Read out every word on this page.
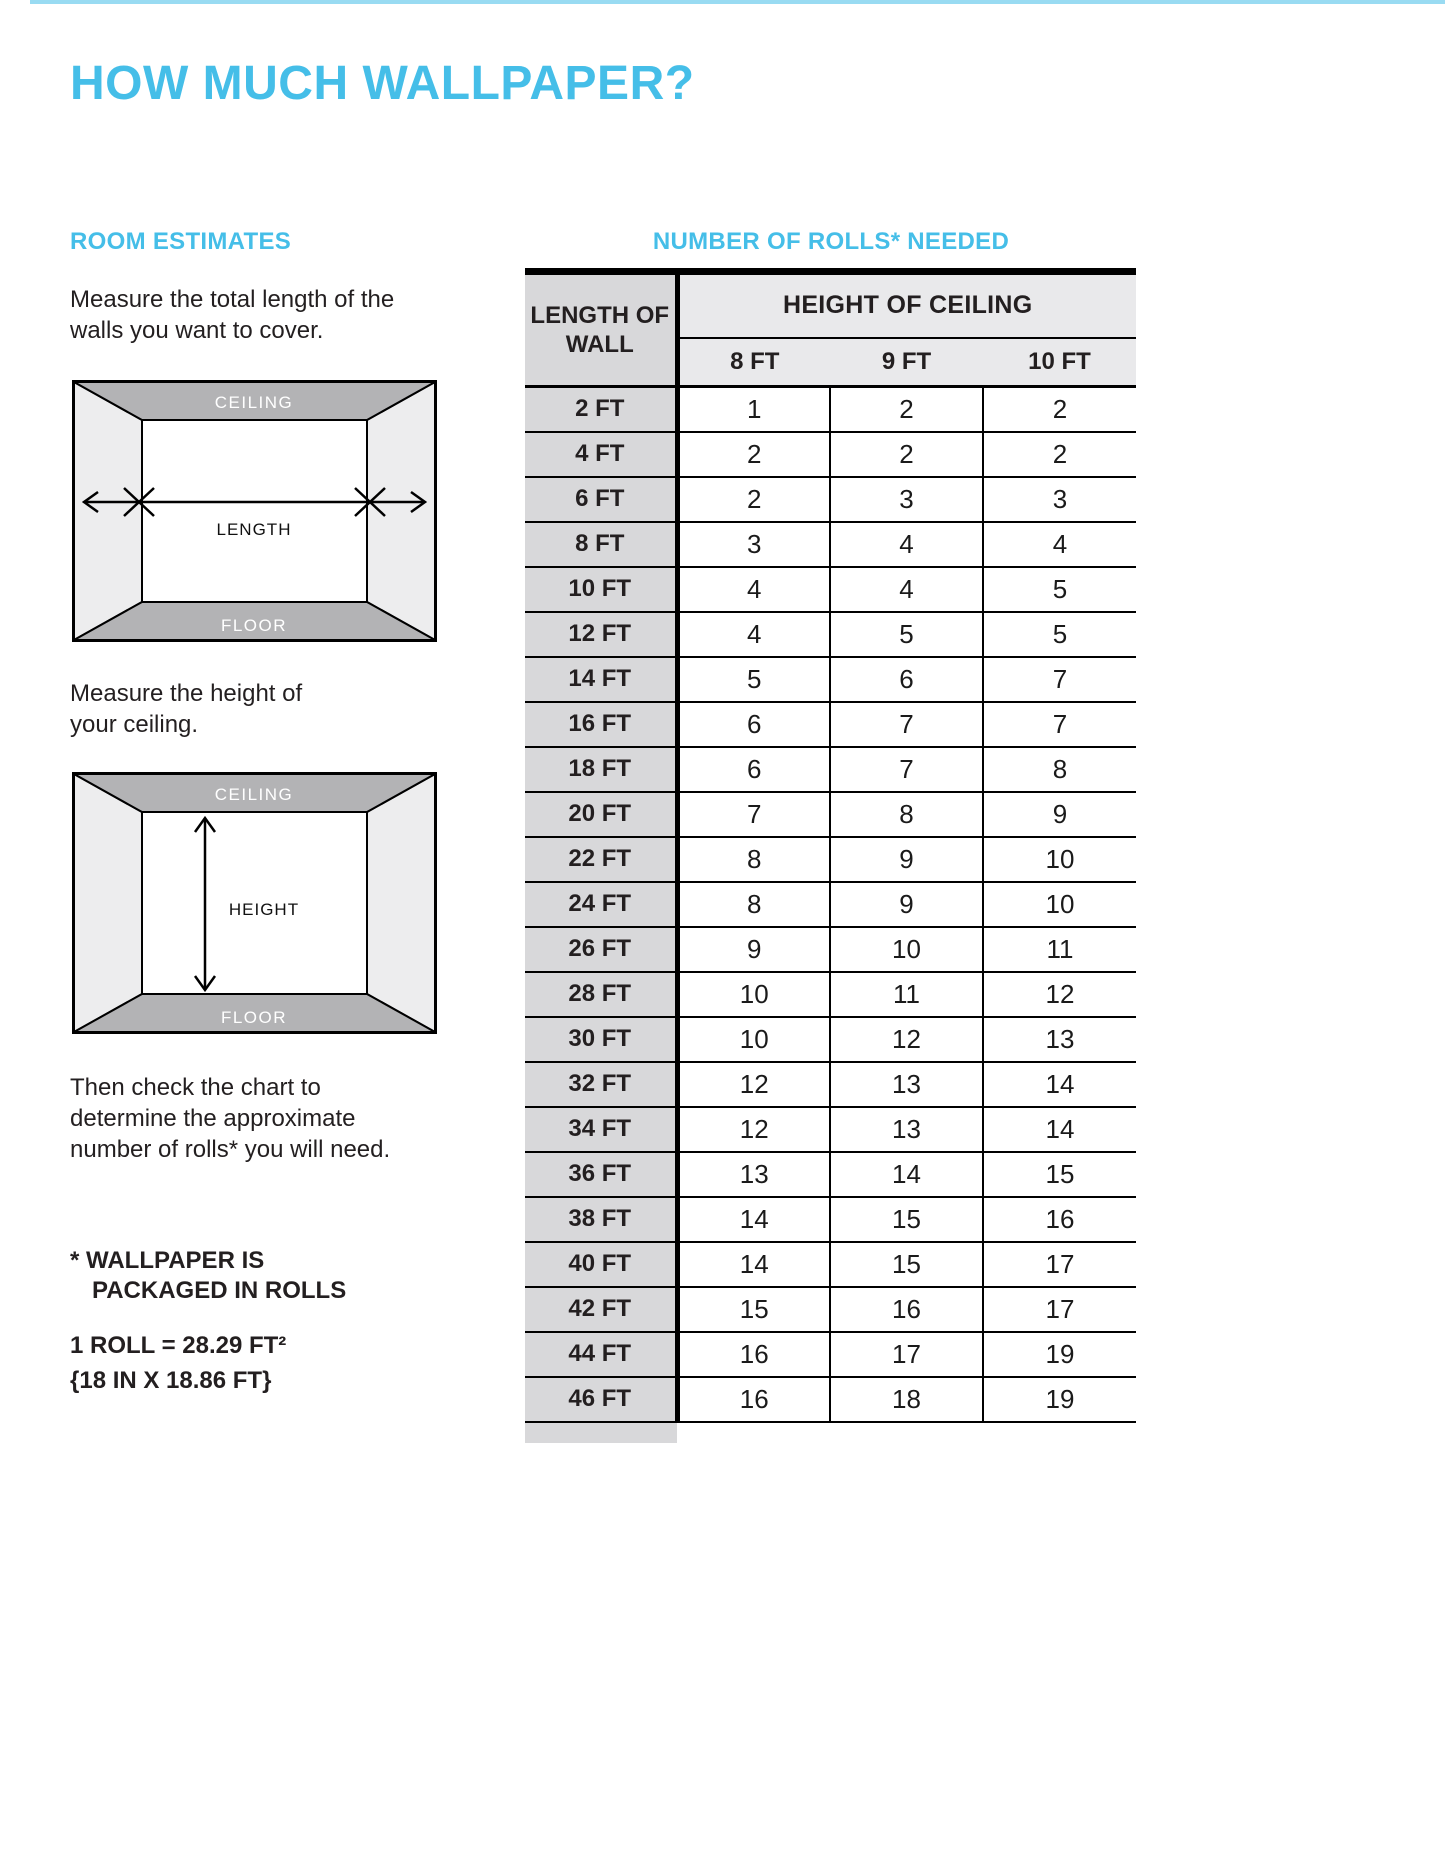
HOW MUCH WALLPAPER?
ROOM ESTIMATES	NUMBER OF ROLLS* NEEDED

Measure the total length of the walls you want to cover.

CEILING
LENGTH
FLOOR

Measure the height of your ceiling.

CEILING
HEIGHT
FLOOR

Then check the chart to determine the approximate number of rolls* you will need.

* WALLPAPER IS
PACKAGED IN ROLLS
1 ROLL = 28.29 FT²
{18 IN X 18.86 FT}
LENGTH OF WALL	HEIGHT OF CEILING		
	8 FT	9 FT	10 FT
2 FT	1	2	2
4 FT	2	2	2
6 FT	2	3	3
8 FT	3	4	4
10 FT	4	4	5
12 FT	4	5	5
14 FT	5	6	7
16 FT	6	7	7
18 FT	6	7	8
20 FT	7	8	9
22 FT	8	9	10
24 FT	8	9	10
26 FT	9	10	11
28 FT	10	11	12
30 FT	10	12	13
32 FT	12	13	14
34 FT	12	13	14
36 FT	13	14	15
38 FT	14	15	16
40 FT	14	15	17
42 FT	15	16	17
44 FT	16	17	19
46 FT	16	18	19
